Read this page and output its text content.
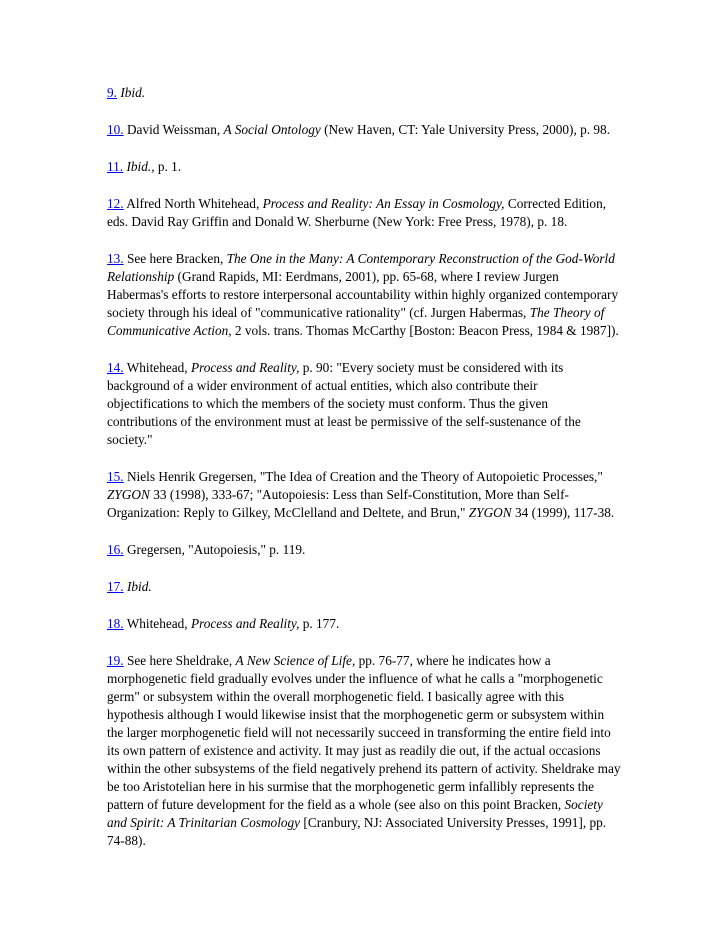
9. Ibid.

10. David Weissman, A Social Ontology (New Haven, CT: Yale University Press, 2000), p. 98.

11. Ibid., p. 1.

12. Alfred North Whitehead, Process and Reality: An Essay in Cosmology, Corrected Edition, eds. David Ray Griffin and Donald W. Sherburne (New York: Free Press, 1978), p. 18.

13. See here Bracken, The One in the Many: A Contemporary Reconstruction of the God-World Relationship (Grand Rapids, MI: Eerdmans, 2001), pp. 65-68, where I review Jurgen Habermas's efforts to restore interpersonal accountability within highly organized contemporary society through his ideal of "communicative rationality" (cf. Jurgen Habermas, The Theory of Communicative Action, 2 vols. trans. Thomas McCarthy [Boston: Beacon Press, 1984 & 1987]).

14. Whitehead, Process and Reality, p. 90: "Every society must be considered with its background of a wider environment of actual entities, which also contribute their objectifications to which the members of the society must conform. Thus the given contributions of the environment must at least be permissive of the self-sustenance of the society."

15. Niels Henrik Gregersen, "The Idea of Creation and the Theory of Autopoietic Processes," ZYGON 33 (1998), 333-67; "Autopoiesis: Less than Self-Constitution, More than Self-Organization: Reply to Gilkey, McClelland and Deltete, and Brun," ZYGON 34 (1999), 117-38.

16. Gregersen, "Autopoiesis," p. 119.

17. Ibid.

18. Whitehead, Process and Reality, p. 177.

19. See here Sheldrake, A New Science of Life, pp. 76-77, where he indicates how a morphogenetic field gradually evolves under the influence of what he calls a "morphogenetic germ" or subsystem within the overall morphogenetic field. I basically agree with this hypothesis although I would likewise insist that the morphogenetic germ or subsystem within the larger morphogenetic field will not necessarily succeed in transforming the entire field into its own pattern of existence and activity. It may just as readily die out, if the actual occasions within the other subsystems of the field negatively prehend its pattern of activity. Sheldrake may be too Aristotelian here in his surmise that the morphogenetic germ infallibly represents the pattern of future development for the field as a whole (see also on this point Bracken, Society and Spirit: A Trinitarian Cosmology [Cranbury, NJ: Associated University Presses, 1991], pp. 74-88).
